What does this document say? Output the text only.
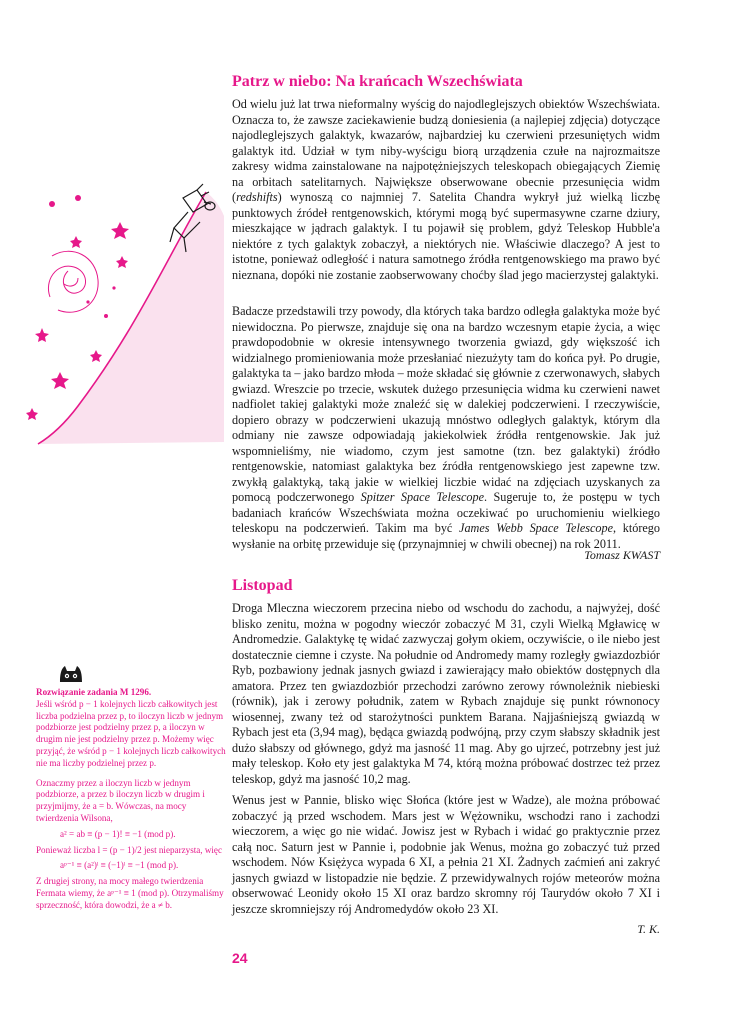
Patrz w niebo: Na krańcach Wszechświata

Od wielu już lat trwa nieformalny wyścig do najodleglejszych obiektów Wszechświata. Oznacza to, że zawsze zaciekawienie budzą doniesienia (a najlepiej zdjęcia) dotyczące najodleglejszych galaktyk, kwazarów, najbardziej ku czerwieni przesuniętych widm galaktyk itd. Udział w tym niby-wyścigu biorą urządzenia czułe na najrozmaitsze zakresy widma zainstalowane na najpotężniejszych teleskopach obiegających Ziemię na orbitach satelitarnych. Największe obserwowane obecnie przesunięcia widm (redshifts) wynoszą co najmniej 7. Satelita Chandra wykrył już wielką liczbę punktowych źródeł rentgenowskich, którymi mogą być supermasywne czarne dziury, mieszkające w jądrach galaktyk. I tu pojawił się problem, gdyż Teleskop Hubble'a niektóre z tych galaktyk zobaczył, a niektórych nie. Właściwie dlaczego? A jest to istotne, ponieważ odległość i natura samotnego źródła rentgenowskiego ma prawo być nieznana, dopóki nie zostanie zaobserwowany choćby ślad jego macierzystej galaktyki.

Badacze przedstawili trzy powody, dla których taka bardzo odległa galaktyka może być niewidoczna. Po pierwsze, znajduje się ona na bardzo wczesnym etapie życia, a więc prawdopodobnie w okresie intensywnego tworzenia gwiazd, gdy większość ich widzialnego promieniowania może przesłaniać niezużyty tam do końca pył. Po drugie, galaktyka ta – jako bardzo młoda – może składać się głównie z czerwonawych, słabych gwiazd. Wreszcie po trzecie, wskutek dużego przesunięcia widma ku czerwieni nawet nadfiolet takiej galaktyki może znaleźć się w dalekiej podczerwieni. I rzeczywiście, dopiero obrazy w podczerwieni ukazują mnóstwo odległych galaktyk, którym dla odmiany nie zawsze odpowiadają jakiekolwiek źródła rentgenowskie. Jak już wspomnieliśmy, nie wiadomo, czym jest samotne (tzn. bez galaktyki) źródło rentgenowskie, natomiast galaktyka bez źródła rentgenowskiego jest zapewne tzw. zwykłą galaktyką, taką jakie w wielkiej liczbie widać na zdjęciach uzyskanych za pomocą podczerwonego Spitzer Space Telescope. Sugeruje to, że postępu w tych badaniach krańców Wszechświata można oczekiwać po uruchomieniu wielkiego teleskopu na podczerwień. Takim ma być James Webb Space Telescope, którego wysłanie na orbitę przewiduje się (przynajmniej w chwili obecnej) na rok 2011.

Tomasz KWAST

Listopad

Droga Mleczna wieczorem przecina niebo od wschodu do zachodu, a najwyżej, dość blisko zenitu, można w pogodny wieczór zobaczyć M 31, czyli Wielką Mgławicę w Andromedzie. Galaktykę tę widać zazwyczaj gołym okiem, oczywiście, o ile niebo jest dostatecznie ciemne i czyste. Na południe od Andromedy mamy rozległy gwiazdozbiór Ryb, pozbawiony jednak jasnych gwiazd i zawierający mało obiektów dostępnych dla amatora. Przez ten gwiazdozbiór przechodzi zarówno zerowy równoleżnik niebieski (równik), jak i zerowy południk, zatem w Rybach znajduje się punkt równonocy wiosennej, zwany też od starożytności punktem Barana. Najjaśniejszą gwiazdą w Rybach jest eta (3,94 mag), będąca gwiazdą podwójną, przy czym słabszy składnik jest dużo słabszy od głównego, gdyż ma jasność 11 mag. Aby go ujrzeć, potrzebny jest już mały teleskop. Koło ety jest galaktyka M 74, którą można próbować dostrzec też przez teleskop, gdyż ma jasność 10,2 mag.

Wenus jest w Pannie, blisko więc Słońca (które jest w Wadze), ale można próbować zobaczyć ją przed wschodem. Mars jest w Wężowniku, wschodzi rano i zachodzi wieczorem, a więc go nie widać. Jowisz jest w Rybach i widać go praktycznie przez całą noc. Saturn jest w Pannie i, podobnie jak Wenus, można go zobaczyć tuż przed wschodem. Nów Księżyca wypada 6 XI, a pełnia 21 XI. Żadnych zaćmień ani zakryć jasnych gwiazd w listopadzie nie będzie. Z przewidywalnych rojów meteorów można obserwować Leonidy około 15 XI oraz bardzo skromny rój Taurydów około 7 XI i jeszcze skromniejszy rój Andromedydów około 23 XI.

T. K.

24

Rozwiązanie zadania M 1296.

Jeśli wśród p − 1 kolejnych liczb całkowitych jest liczba podzielna przez p, to iloczyn liczb w jednym podzbiorze jest podzielny przez p, a iloczyn w drugim nie jest podzielny przez p. Możemy więc przyjąć, że wśród p − 1 kolejnych liczb całkowitych nie ma liczby podzielnej przez p.

Oznaczmy przez a iloczyn liczb w jednym podzbiorze, a przez b iloczyn liczb w drugim i przyjmijmy, że a = b. Wówczas, na mocy twierdzenia Wilsona,

a² = ab ≡ (p − 1)! ≡ −1 (mod p).

Ponieważ liczba l = (p − 1)/2 jest nieparzysta, więc

aᵖ⁻¹ ≡ (a²)ˡ ≡ (−1)ˡ ≡ −1 (mod p).

Z drugiej strony, na mocy małego twierdzenia Fermata wiemy, że aᵖ⁻¹ ≡ 1 (mod p). Otrzymaliśmy sprzeczność, która dowodzi, że a ≠ b.
